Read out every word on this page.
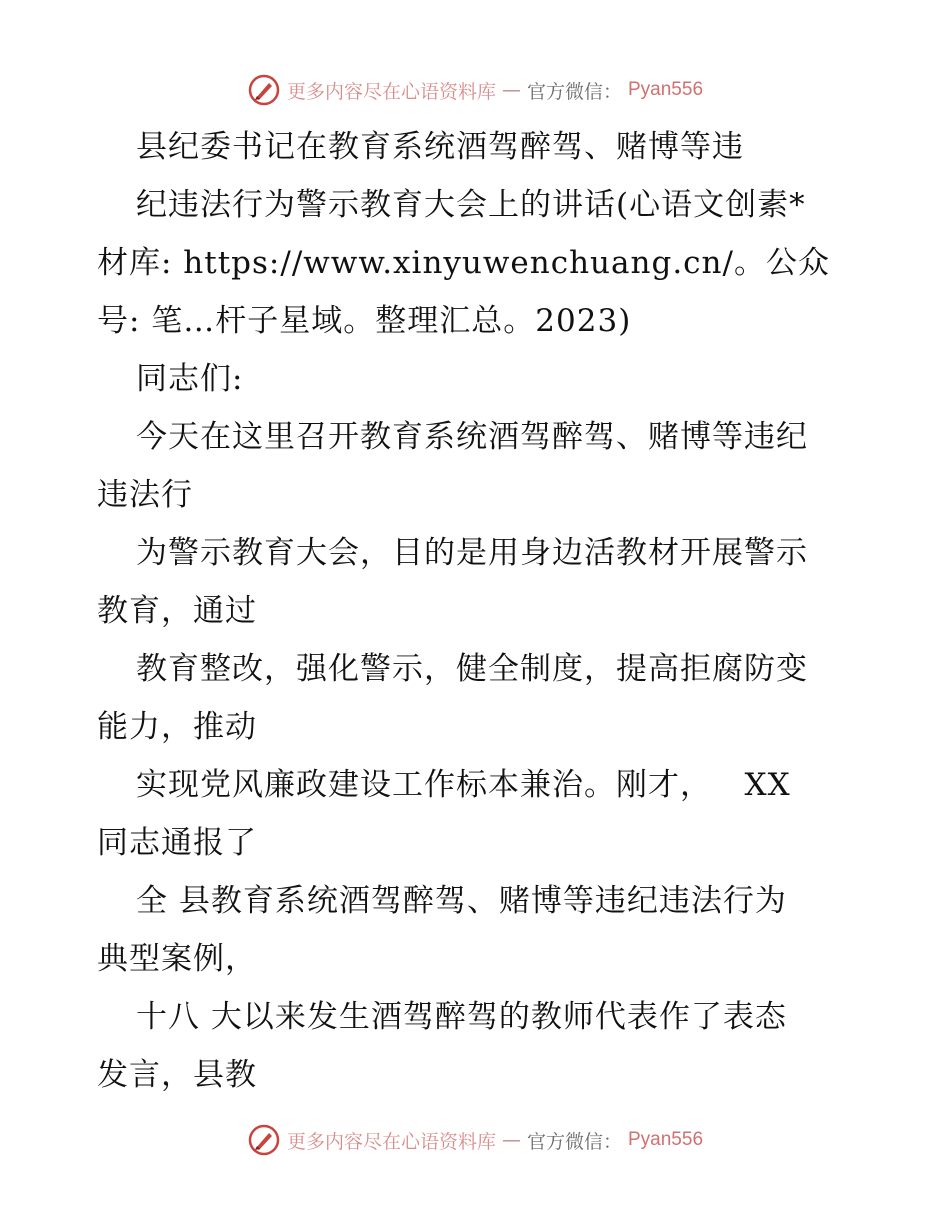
更多内容尽在心语资料库 — 官方微信： Pyan556
县纪委书记在教育系统酒驾醉驾、赌博等违
纪违法行为警示教育大会上的讲话(心语文创素*
材库: https://www.xinyuwenchuang.cn/。公众
号: 笔…杆子星域。整理汇总。2023)
同志们:
今天在这里召开教育系统酒驾醉驾、赌博等违纪
违法行
为警示教育大会，目的是用身边活教材开展警示
教育，通过
教育整改，强化警示，健全制度，提高拒腐防变
能力，推动
实现党风廉政建设工作标本兼治。刚才，   XX
同志通报了
全 县教育系统酒驾醉驾、赌博等违纪违法行为
典型案例，
十八 大以来发生酒驾醉驾的教师代表作了表态
发言，县教
更多内容尽在心语资料库 — 官方微信： Pyan556
